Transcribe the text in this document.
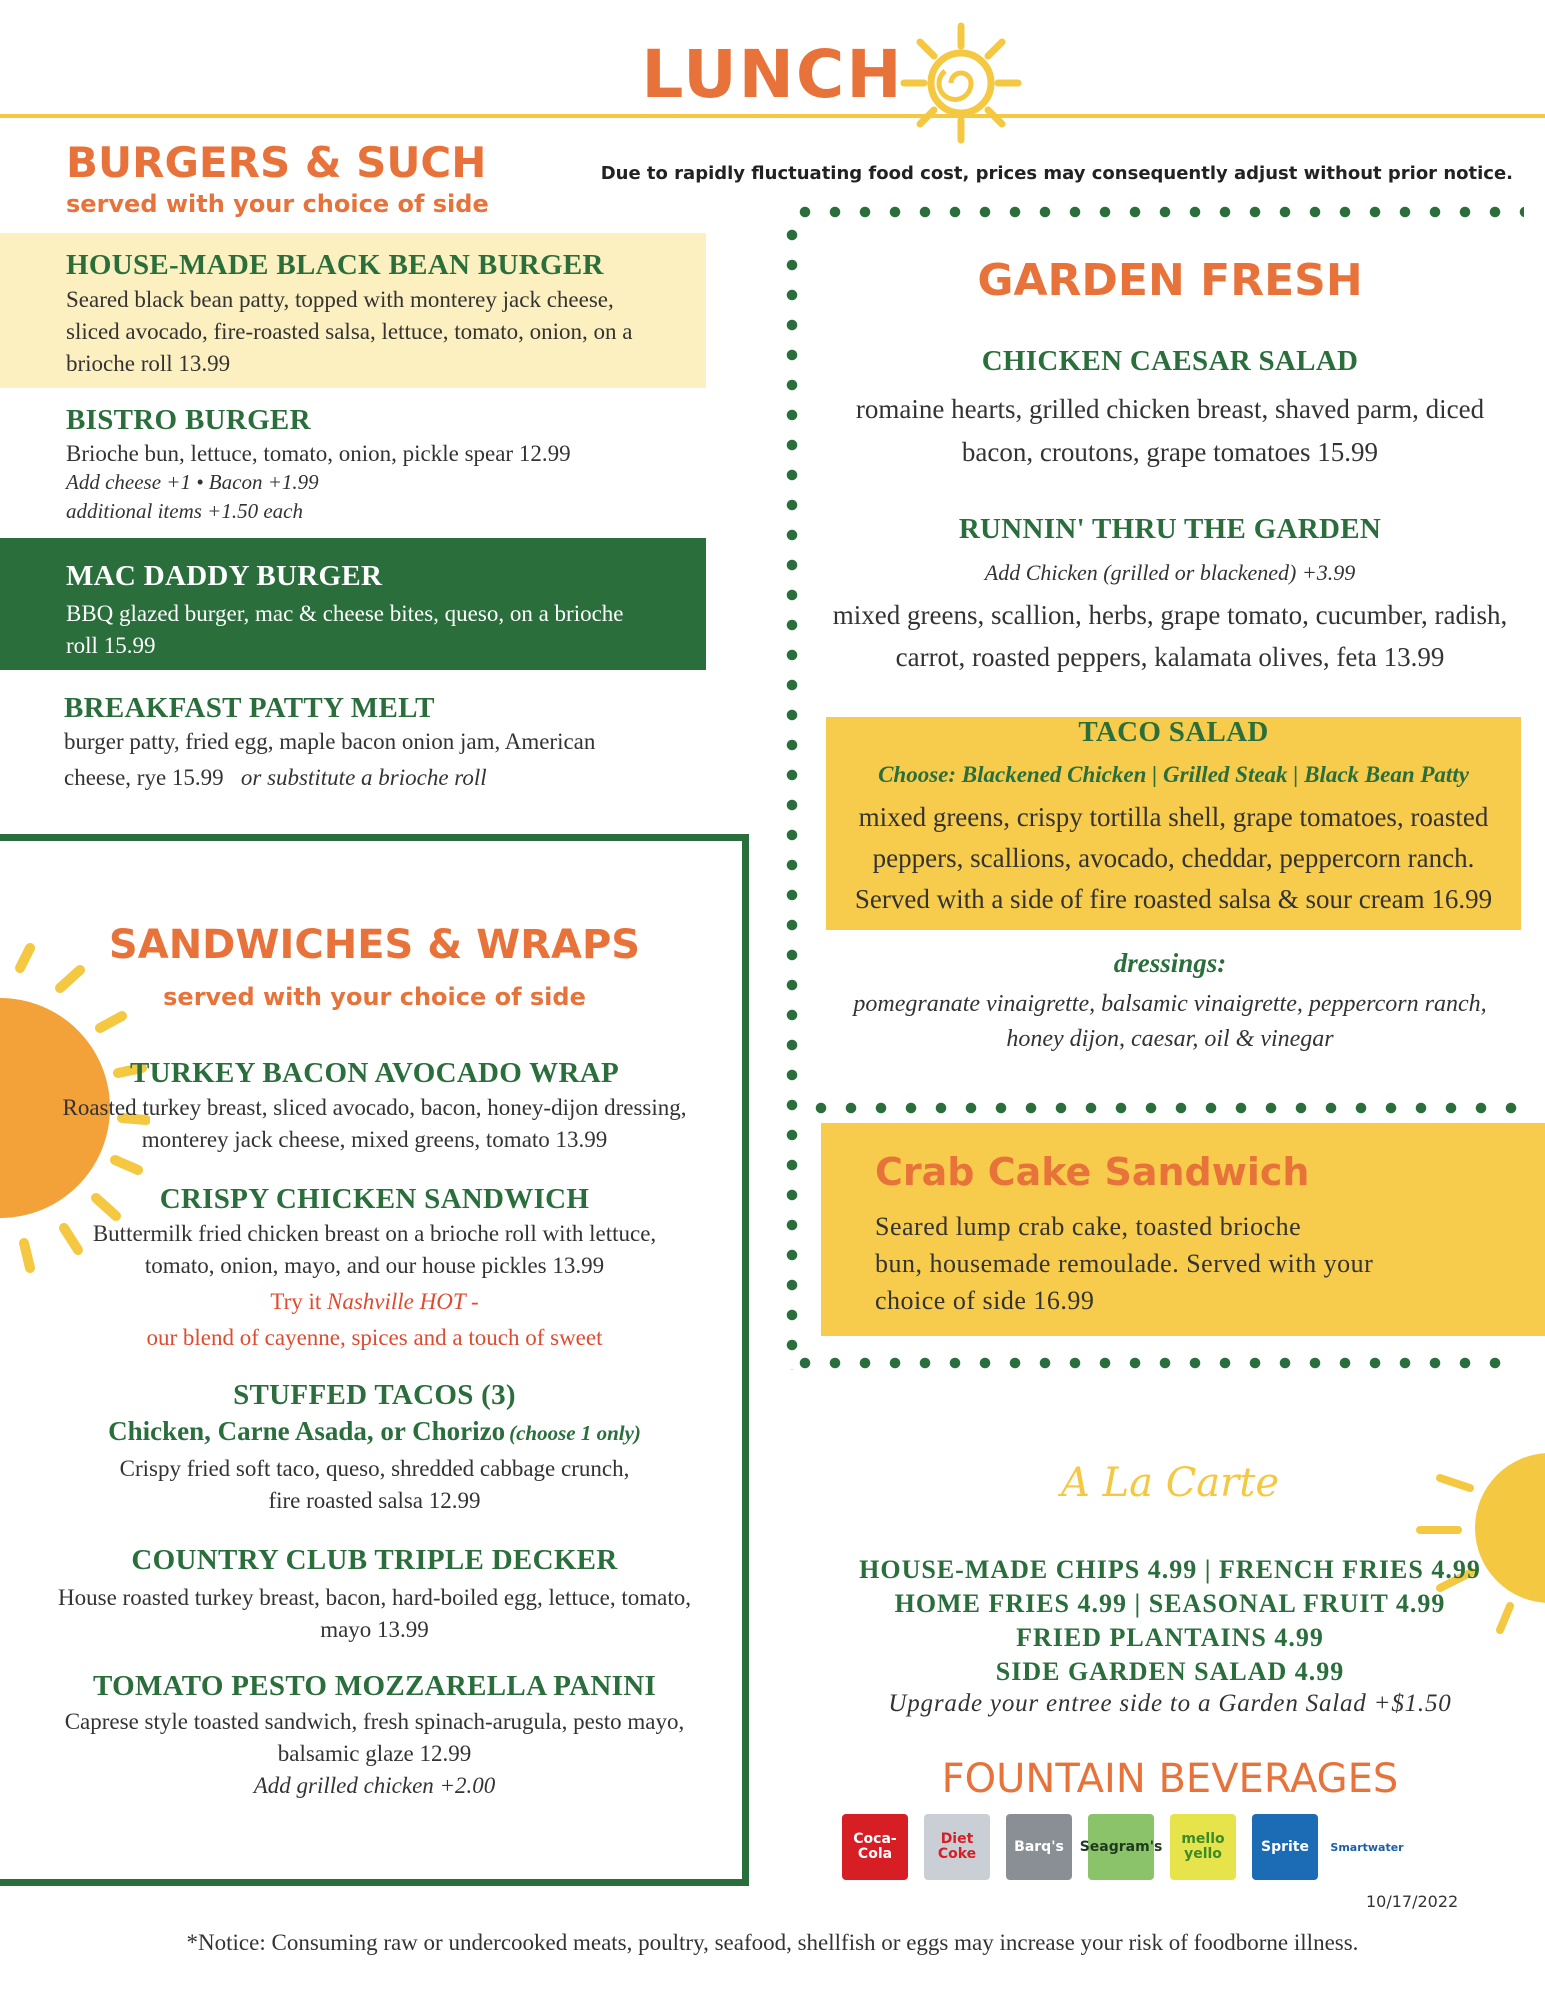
LUNCH
Due to rapidly fluctuating food cost, prices may consequently adjust without prior notice.
BURGERS & SUCH
served with your choice of side
HOUSE-MADE BLACK BEAN BURGER
Seared black bean patty, topped with monterey jack cheese,
sliced avocado, fire-roasted salsa, lettuce, tomato, onion, on a
brioche roll 13.99
BISTRO BURGER
Brioche bun, lettuce, tomato, onion, pickle spear 12.99
Add cheese +1 • Bacon +1.99
additional items +1.50 each
MAC DADDY BURGER
BBQ glazed burger, mac & cheese bites, queso, on a brioche
roll 15.99
BREAKFAST PATTY MELT
burger patty, fried egg, maple bacon onion jam, American
cheese, rye 15.99 or substitute a brioche roll
SANDWICHES & WRAPS
served with your choice of side
TURKEY BACON AVOCADO WRAP
Roasted turkey breast, sliced avocado, bacon, honey-dijon dressing,
monterey jack cheese, mixed greens, tomato 13.99
CRISPY CHICKEN SANDWICH
Buttermilk fried chicken breast on a brioche roll with lettuce,
tomato, onion, mayo, and our house pickles 13.99
Try it Nashville HOT -
our blend of cayenne, spices and a touch of sweet
STUFFED TACOS (3)
Chicken, Carne Asada, or Chorizo (choose 1 only)
Crispy fried soft taco, queso, shredded cabbage crunch,
fire roasted salsa 12.99
COUNTRY CLUB TRIPLE DECKER
House roasted turkey breast, bacon, hard-boiled egg, lettuce, tomato,
mayo 13.99
TOMATO PESTO MOZZARELLA PANINI
Caprese style toasted sandwich, fresh spinach-arugula, pesto mayo,
balsamic glaze 12.99
Add grilled chicken +2.00
GARDEN FRESH
CHICKEN CAESAR SALAD
romaine hearts, grilled chicken breast, shaved parm, diced
bacon, croutons, grape tomatoes 15.99
RUNNIN' THRU THE GARDEN
Add Chicken (grilled or blackened) +3.99
mixed greens, scallion, herbs, grape tomato, cucumber, radish,
carrot, roasted peppers, kalamata olives, feta 13.99
TACO SALAD
Choose: Blackened Chicken | Grilled Steak | Black Bean Patty
mixed greens, crispy tortilla shell, grape tomatoes, roasted
peppers, scallions, avocado, cheddar, peppercorn ranch.
Served with a side of fire roasted salsa & sour cream 16.99
dressings:
pomegranate vinaigrette, balsamic vinaigrette, peppercorn ranch,
honey dijon, caesar, oil & vinegar
Crab Cake Sandwich
Seared lump crab cake, toasted brioche
bun, housemade remoulade. Served with your
choice of side 16.99
A La Carte
HOUSE-MADE CHIPS 4.99 | FRENCH FRIES 4.99
HOME FRIES 4.99 | SEASONAL FRUIT 4.99
FRIED PLANTAINS 4.99
SIDE GARDEN SALAD 4.99
Upgrade your entree side to a Garden Salad +$1.50
FOUNTAIN BEVERAGES
Coca-Cola
Diet Coke	Barq's Seagram's	mello yello	Sprite Smartwater
10/17/2022
*Notice: Consuming raw or undercooked meats, poultry, seafood, shellfish or eggs may increase your risk of foodborne illness.
